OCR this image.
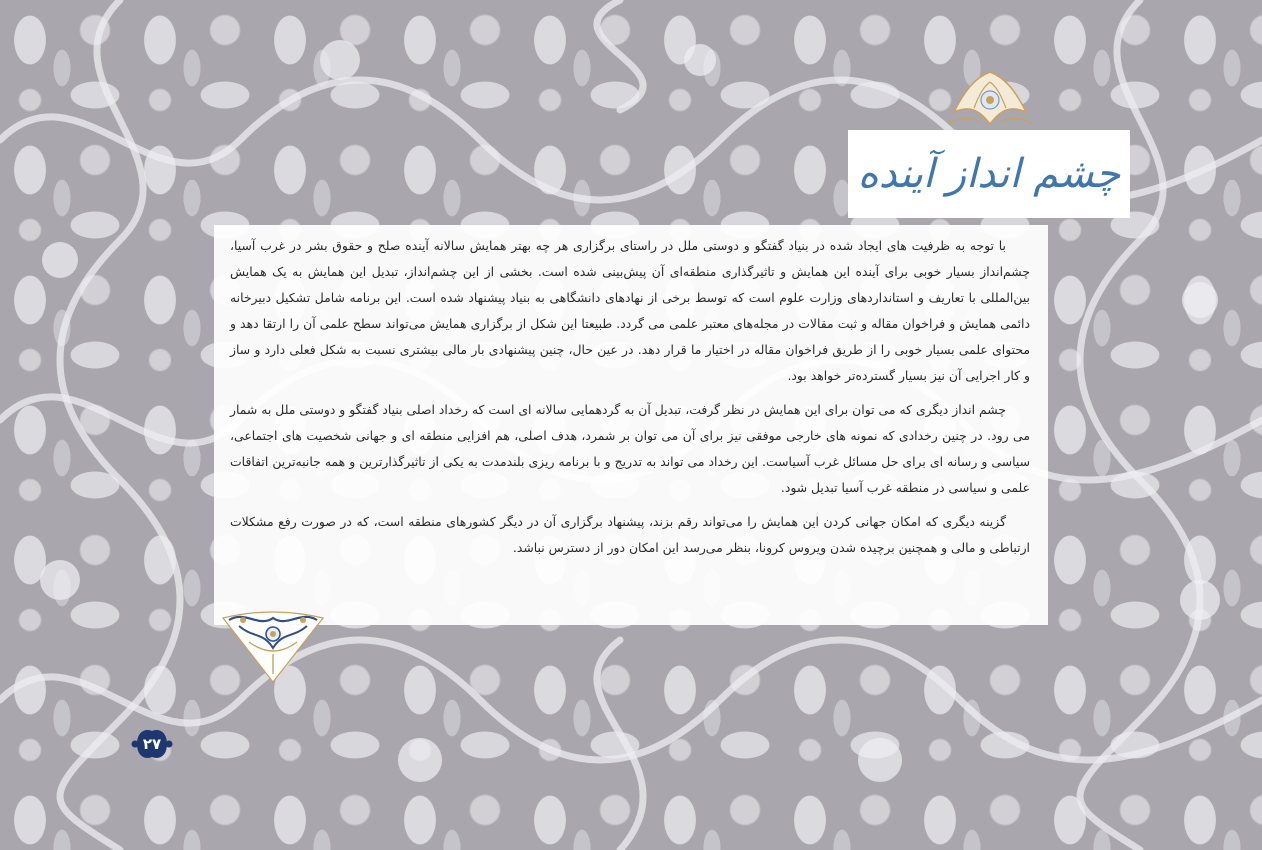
چشم انداز آینده

با توجه به ظرفیت های ایجاد شده در بنیاد گفتگو و دوستی ملل در راستای برگزاری هر چه بهتر همایش سالانه آینده صلح و حقوق بشر در غرب آسیا، چشم‌انداز بسیار خوبی برای آینده این همایش و تاثیرگذاری منطقه‌ای آن پیش‌بینی شده است. بخشی از این چشم‌انداز، تبدیل این همایش به یک همایش بین‌المللی با تعاریف و استانداردهای وزارت علوم است که توسط برخی از نهادهای دانشگاهی به بنیاد پیشنهاد شده است. این برنامه شامل تشکیل دبیرخانه دائمی همایش و فراخوان مقاله و ثبت مقالات در مجله‌های معتبر علمی می گردد. طبیعتا این شکل از برگزاری همایش می‌تواند سطح علمی آن را ارتقا دهد و محتوای علمی بسیار خوبی را از طریق فراخوان مقاله در اختیار ما قرار دهد. در عین حال، چنین پیشنهادی بار مالی بیشتری نسبت به شکل فعلی دارد و ساز و کار اجرایی آن نیز بسیار گسترده‌تر خواهد بود.

چشم انداز دیگری که می توان برای این همایش در نظر گرفت، تبدیل آن به گردهمایی سالانه ای است که رخداد اصلی بنیاد گفتگو و دوستی ملل به شمار می رود. در چنین رخدادی که نمونه های خارجی موفقی نیز برای آن می توان بر شمرد، هدف اصلی، هم افزایی منطقه ای و جهانی شخصیت های اجتماعی، سیاسی و رسانه ای برای حل مسائل غرب آسیاست. این رخداد می تواند به تدریج و با برنامه ریزی بلندمدت به یکی از تاثیرگذارترین و همه جانبه‌ترین اتفاقات علمی و سیاسی در منطقه غرب آسیا تبدیل شود.

گزینه دیگری که امکان جهانی کردن این همایش را می‌تواند رقم بزند، پیشنهاد برگزاری آن در دیگر کشورهای منطقه است، که در صورت رفع مشکلات ارتباطی و مالی و همچنین برچیده شدن ویروس کرونا، بنظر می‌رسد این امکان دور از دسترس نباشد.

۲۷
